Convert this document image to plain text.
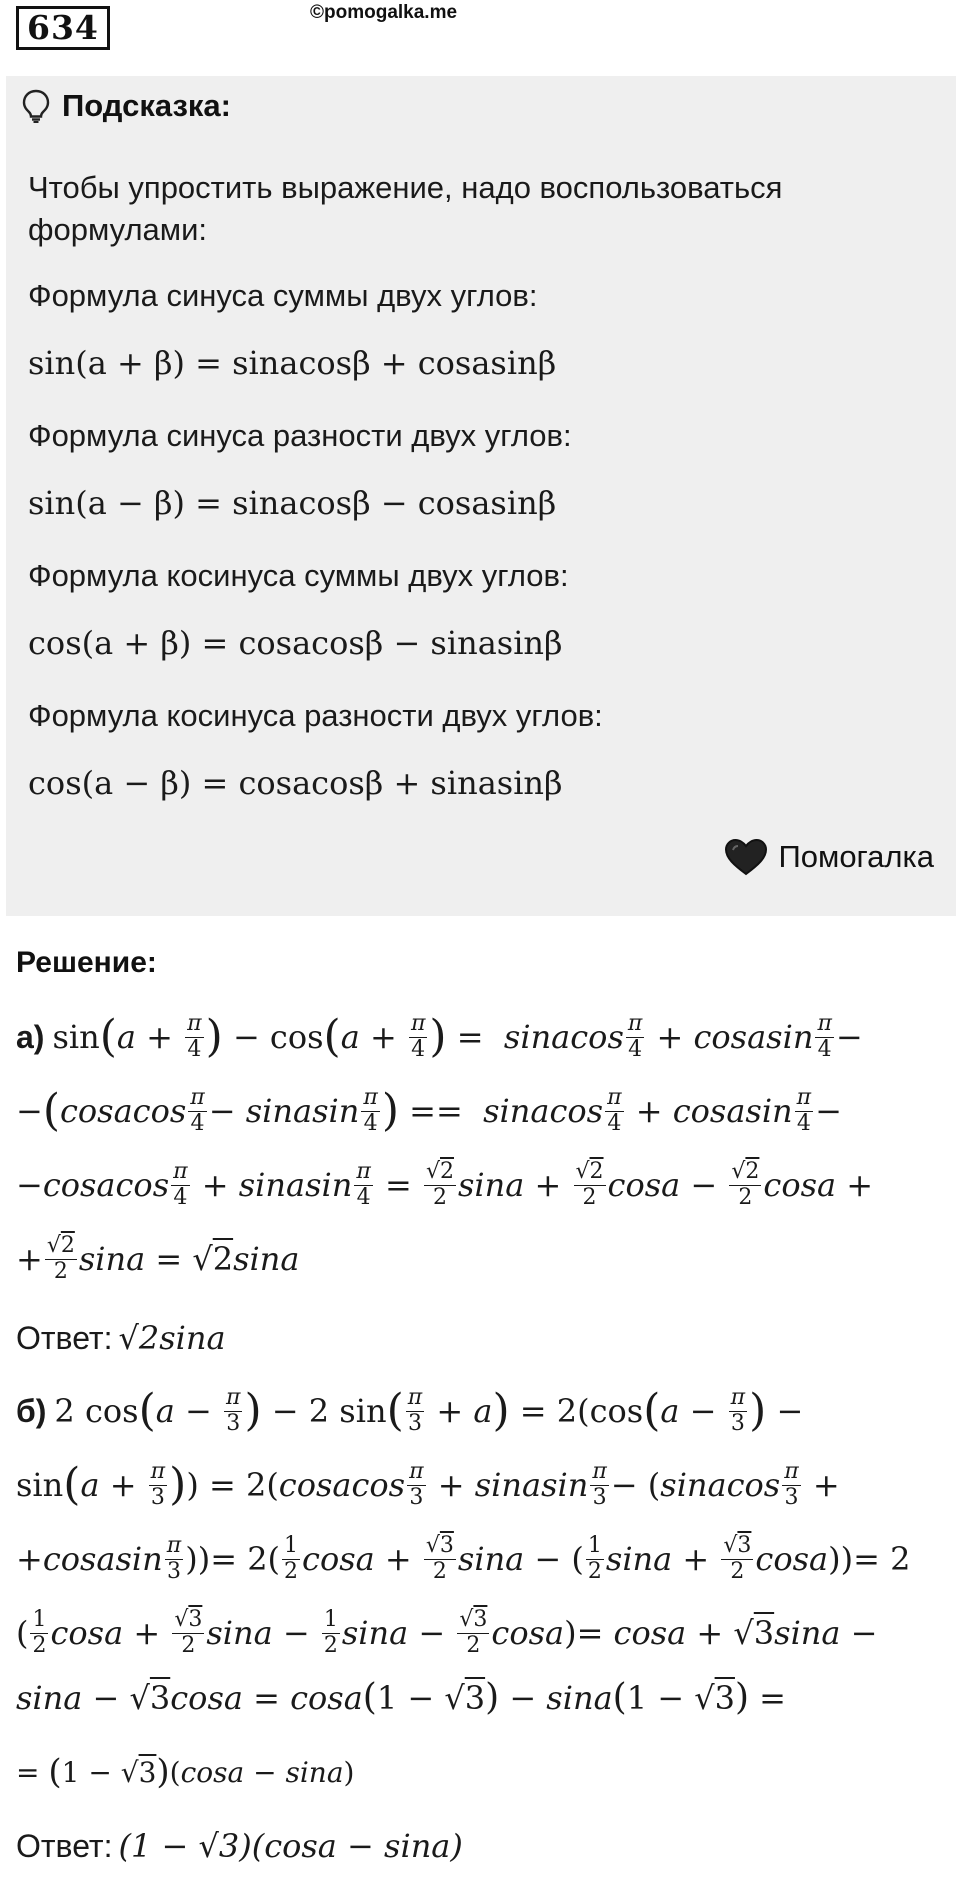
634	©pomogalka.me
Подсказка:
Чтобы упростить выражение, надо воспользоваться
формулами:
Формула синуса суммы двух углов:
sin(a + β) = sinacosβ + cosasinβ
Формула синуса разности двух углов:
sin(a − β) = sinacosβ − cosasinβ
Формула косинуса суммы двух углов:
cos(a + β) = cosacosβ − sinasinβ
Формула косинуса разности двух углов:
cos(a − β) = cosacosβ + sinasinβ
Помогалка
Решение:
а) sin ( $a + \frac{\pi}{4}$ ) − cos ( $a + \frac{\pi}{4}$ ) = sinacos $\frac{\pi}{4}$ + cosasin $\frac{\pi}{4}$ −
− ( cosacos $\frac{\pi}{4}$ − sinasin $\frac{\pi}{4}$ ) == sinacos $\frac{\pi}{4}$ + cosasin $\frac{\pi}{4}$ −
− cosacos $\frac{\pi}{4}$ + sinasin $\frac{\pi}{4} = \frac{√2}{2}$ $\sin a + \frac{√2}{2}$ $\cos a - \frac{√2}{2}$ cosa +
+ $\frac{√2}{2}$ sina = √ 2 sina
Ответ: √2sina
б) 2 cos ( $a - \frac{\pi}{3}$ ) − 2 sin ( $\frac{\pi}{3} + a$ ) = 2(cos ( $a - \frac{\pi}{3}$ ) −
sin ( $a + \frac{\pi}{3}$ ) ) = 2( cosacos $\frac{\pi}{3}$ + sinasin $\frac{\pi}{3}$ − ( sinacos $\frac{\pi}{3}$ +
+ cosasin $\frac{\pi}{3}$ ))= $2( \frac{1}{2}$ $\cos a + \frac{√3}{2}$ sina − ( $\frac{1}{2}$ $\sin a + \frac{√3}{2}$ cosa ))= 2
( $\frac{1}{2}$ $\cos a + \frac{√3}{2}$ $\sin a - \frac{1}{2}$ $\sin a - \frac{√3}{2}$ cosa )= cosa + √ 3 sina −
sina − √ 3 cosa = cosa ( 1 − √ 3 ) − sina ( 1 − √ 3 ) =
= ( 1 − √ 3 ) ( cosa − sina )
Ответ: (1 − √3)(cosa − sina)
